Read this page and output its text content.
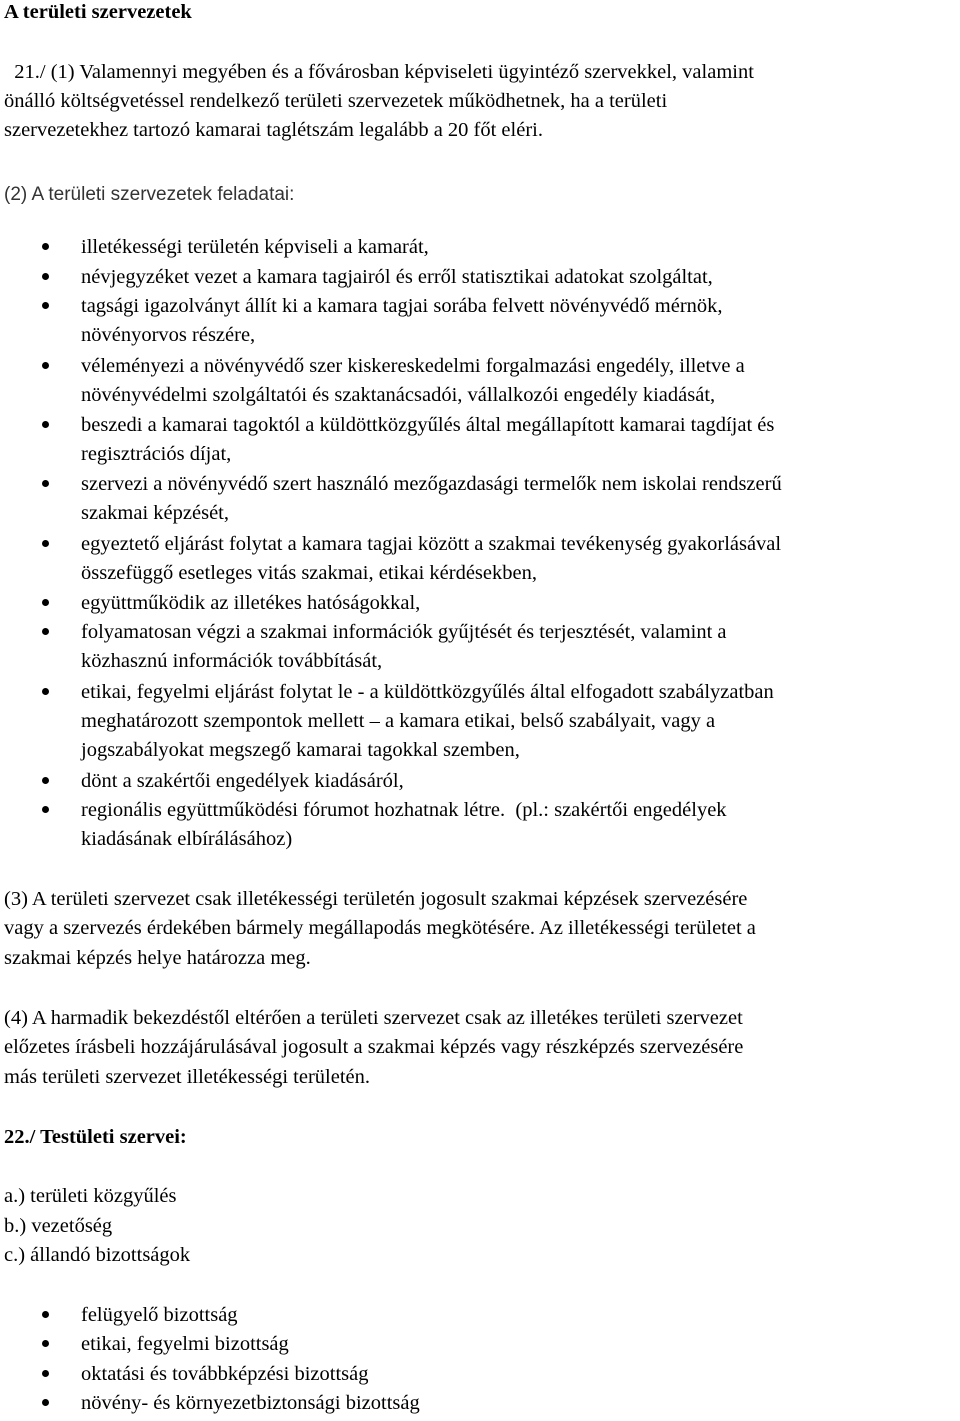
A területi szervezetek
21./ (1) Valamennyi megyében és a fővárosban képviseleti ügyintéző szervekkel, valamint
önálló költségvetéssel rendelkező területi szervezetek működhetnek, ha a területi
szervezetekhez tartozó kamarai taglétszám legalább a 20 főt eléri.
(2) A területi szervezetek feladatai:
illetékességi területén képviseli a kamarát,
névjegyzéket vezet a kamara tagjairól és erről statisztikai adatokat szolgáltat,
tagsági igazolványt állít ki a kamara tagjai sorába felvett növényvédő mérnök,
növényorvos részére,
véleményezi a növényvédő szer kiskereskedelmi forgalmazási engedély, illetve a
növényvédelmi szolgáltatói és szaktanácsadói, vállalkozói engedély kiadását,
beszedi a kamarai tagoktól a küldöttközgyűlés által megállapított kamarai tagdíjat és
regisztrációs díjat,
szervezi a növényvédő szert használó mezőgazdasági termelők nem iskolai rendszerű
szakmai képzését,
egyeztető eljárást folytat a kamara tagjai között a szakmai tevékenység gyakorlásával
összefüggő esetleges vitás szakmai, etikai kérdésekben,
együttműködik az illetékes hatóságokkal,
folyamatosan végzi a szakmai információk gyűjtését és terjesztését, valamint a
közhasznú információk továbbítását,
etikai, fegyelmi eljárást folytat le - a küldöttközgyűlés által elfogadott szabályzatban
meghatározott szempontok mellett – a kamara etikai, belső szabályait, vagy a
jogszabályokat megszegő kamarai tagokkal szemben,
dönt a szakértői engedélyek kiadásáról,
regionális együttműködési fórumot hozhatnak létre.  (pl.: szakértői engedélyek
kiadásának elbírálásához)
(3) A területi szervezet csak illetékességi területén jogosult szakmai képzések szervezésére
vagy a szervezés érdekében bármely megállapodás megkötésére. Az illetékességi területet a
szakmai képzés helye határozza meg.
(4) A harmadik bekezdéstől eltérően a területi szervezet csak az illetékes területi szervezet
előzetes írásbeli hozzájárulásával jogosult a szakmai képzés vagy részképzés szervezésére
más területi szervezet illetékességi területén.
22./ Testületi szervei:
a.) területi közgyűlés
b.) vezetőség
c.) állandó bizottságok
felügyelő bizottság
etikai, fegyelmi bizottság
oktatási és továbbképzési bizottság
növény- és környezetbiztonsági bizottság
